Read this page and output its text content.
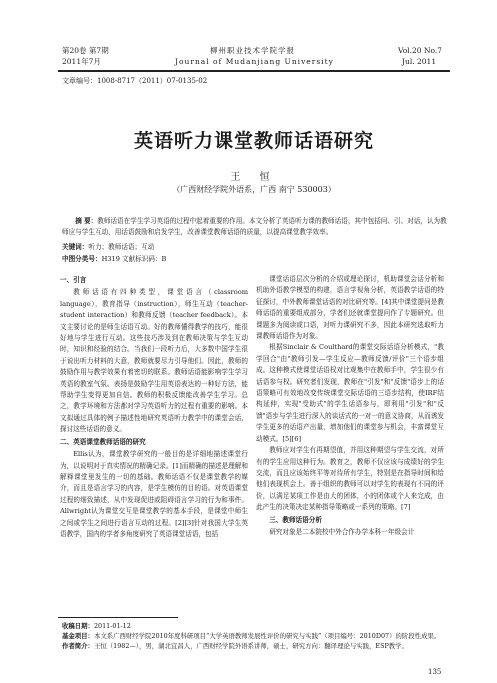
第20卷 第7期	柳州职业技术学院学报	Vol.20 No.7
2011年7月	Journal of Mudanjiang University	Jul. 2011
文章编号：1008-8717（2011）07-0135-02
英语听力课堂教师话语研究
王 恒
（广西财经学院外语系，广西 南宁 530003）
摘 要：教师话语在学生学习英语的过程中起着重要的作用。本文分析了英语听力课的教师话语，其中包括问、引、对话，认为教师应与学生互动，用话语鼓励和启发学生，改善课堂教师话语的质量，以提高课堂教学效率。
关键词：听力；教师话语；互动
中图分类号：H319 文献标识码：B

一、引言

教师话语有四种类型，课堂语言（classroom language），教育指导（instruction），师生互动（teacher-student interaction）和教师反馈（teacher feedback）。本文主要讨论的是师生话语互动。好的教师懂得教学的技巧，能很好地与学生进行互动。这些技巧涉及到在教师决策与学生互动时，知识和经验的结合。当我们一段听力后，大多数中国学生很于说出听力材料的大意，教师就要尽力引导他们。因此，教师的鼓励作用与教学效果有着密切的联系。教师话语能影响学生学习英语的教室气氛。表扬是鼓励学生用英语表达的一种好方法，能帮助学生变得更加自信。教师的积极反馈能改善学生学习。总之，教学环境和方法都对学习英语听力的过程有重要的影响。本文拟通过具体的例子描述性地研究英语听力教学中的课堂会话，探讨这些话语的意义。

二、英语课堂教师话语的研究

Ellis认为，课堂教学研究的一般目的是详细地描述课堂行为，以说明对于真实情况的精确记录。[1]而精确的描述是理解和解释课堂里发生的一切的基础。教师话语不仅是课堂教学的媒介，而且是语言学习的内容，是学生模仿的目的语。对英语课堂过程的细致描述，从中发现促进或阻碍语言学习的行为和事件。Allwright认为课堂交互是课堂教学的基本手段，是课堂中师生之间或学生之间进行语言互动的过程。[2][3]针对我国大学生英语教学，国内的学者多角度研究了英语课堂话语，包括

课堂话语层次分析的介绍或理论探讨，机助课堂会话分析和机助外语教学模型的构建，语言学视角分析，英语教学话语的特征探讨，中外教师课堂话语的对比研究等。[4]其中课堂提问是教师话语的重要组成部分，学者们还就课堂提问作了专题研究。但课题多为阅读或口语，对听力课研究不多，因此本研究选取听力课教师话语作为对象。

根据Sinclair & Coulthard的课堂交际话语分析模式，"教学回合"由"教师引发—学生反应—教师反馈/评价"三个语步组成。这种模式使课堂话语权对比观集中在教师手中，学生很少有话语参与权。研究者们发现，教师在"引发"和"反馈"语步上的话语策略可有效地改变传统课堂交际话语的三语步结构，使IRF结构延伸，实现"受助式"的学生话语参与，即利用"引发"和"反馈"语步与学生进行深入的谈话式的一对一的意义协商，从而诱发学生更多的话语产出量，增加他们的课堂参与机会，丰富课堂互动模式。[5][6]

教师应对学生有再期望值，并用这种期望与学生交流，对所有的学生应用这种行为。教育之，教师不仅应该与成绩好的学生交流，而且应该始终平等对待所有学生，特别是在指导时间和给他们表现机会上。善于组织的教师可以对学生的表现有不同的评价，以满足某项工作是由大的团体，小的团体或个人来完成，由此产生的决策决定某种指导策略或一系列的策略。[7]

三、教师话语分析

研究对象是二本院校中外合作办学本科一年级会计

收稿日期： 2011-01-12
基金项目： 本文系广西财经学院2010年度科研项目“大学英语教师发展性评价的研究与实践”（项目编号：2010D07）的阶段性成果。
作者简介： 王恒（1982—），男，湖北宜昌人，广西财经学院外语系讲师，硕士，研究方向：翻译理论与实践，ESP教学。
135
